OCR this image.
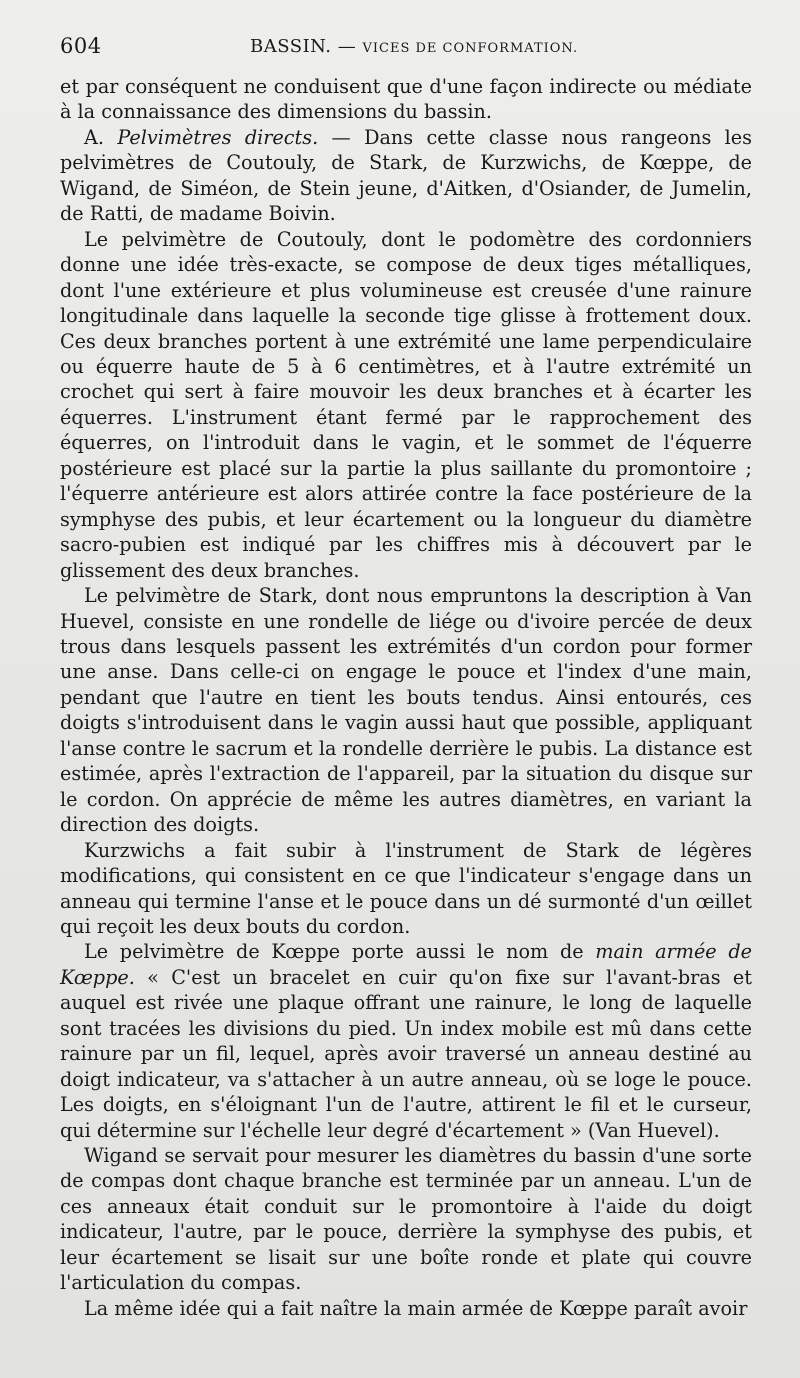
604	BASSIN. — VICES DE CONFORMATION.

et par conséquent ne conduisent que d'une façon indirecte ou médiate à la connaissance des dimensions du bassin.

A. Pelvimètres directs. — Dans cette classe nous rangeons les pelvimètres de Coutouly, de Stark, de Kurzwichs, de Kœppe, de Wigand, de Siméon, de Stein jeune, d'Aitken, d'Osiander, de Jumelin, de Ratti, de madame Boivin.

Le pelvimètre de Coutouly, dont le podomètre des cordonniers donne une idée très-exacte, se compose de deux tiges métalliques, dont l'une extérieure et plus volumineuse est creusée d'une rainure longitudinale dans laquelle la seconde tige glisse à frottement doux. Ces deux branches portent à une extrémité une lame perpendiculaire ou équerre haute de 5 à 6 centimètres, et à l'autre extrémité un crochet qui sert à faire mouvoir les deux branches et à écarter les équerres. L'instrument étant fermé par le rapprochement des équerres, on l'introduit dans le vagin, et le sommet de l'équerre postérieure est placé sur la partie la plus saillante du promontoire ; l'équerre antérieure est alors attirée contre la face postérieure de la symphyse des pubis, et leur écartement ou la longueur du diamètre sacro-pubien est indiqué par les chiffres mis à découvert par le glissement des deux branches.

Le pelvimètre de Stark, dont nous empruntons la description à Van Huevel, consiste en une rondelle de liége ou d'ivoire percée de deux trous dans lesquels passent les extrémités d'un cordon pour former une anse. Dans celle-ci on engage le pouce et l'index d'une main, pendant que l'autre en tient les bouts tendus. Ainsi entourés, ces doigts s'introduisent dans le vagin aussi haut que possible, appliquant l'anse contre le sacrum et la rondelle derrière le pubis. La distance est estimée, après l'extraction de l'appareil, par la situation du disque sur le cordon. On apprécie de même les autres diamètres, en variant la direction des doigts.

Kurzwichs a fait subir à l'instrument de Stark de légères modifications, qui consistent en ce que l'indicateur s'engage dans un anneau qui termine l'anse et le pouce dans un dé surmonté d'un œillet qui reçoit les deux bouts du cordon.

Le pelvimètre de Kœppe porte aussi le nom de main armée de Kœppe. « C'est un bracelet en cuir qu'on fixe sur l'avant-bras et auquel est rivée une plaque offrant une rainure, le long de laquelle sont tracées les divisions du pied. Un index mobile est mû dans cette rainure par un fil, lequel, après avoir traversé un anneau destiné au doigt indicateur, va s'attacher à un autre anneau, où se loge le pouce. Les doigts, en s'éloignant l'un de l'autre, attirent le fil et le curseur, qui détermine sur l'échelle leur degré d'écartement » (Van Huevel).

Wigand se servait pour mesurer les diamètres du bassin d'une sorte de compas dont chaque branche est terminée par un anneau. L'un de ces anneaux était conduit sur le promontoire à l'aide du doigt indicateur, l'autre, par le pouce, derrière la symphyse des pubis, et leur écartement se lisait sur une boîte ronde et plate qui couvre l'articulation du compas.

La même idée qui a fait naître la main armée de Kœppe paraît avoir
